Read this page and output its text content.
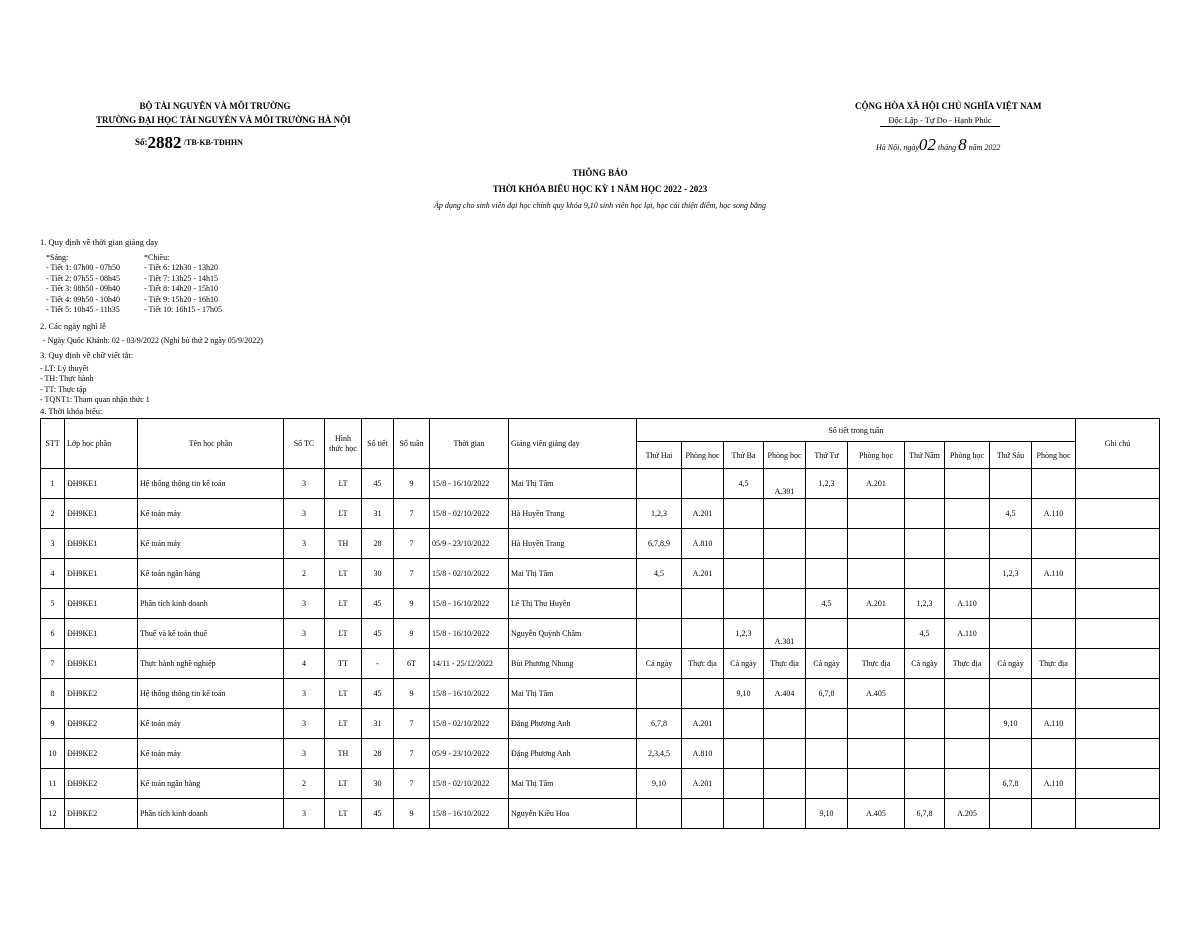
BỘ TÀI NGUYÊN VÀ MÔI TRƯỜNG
TRƯỜNG ĐẠI HỌC TÀI NGUYÊN VÀ MÔI TRƯỜNG HÀ NỘI
Số:2882 /TB-KB-TĐHHN
CỘNG HÒA XÃ HỘI CHỦ NGHĨA VIỆT NAM
Độc Lập - Tự Do - Hạnh Phúc
Hà Nội, ngày02 tháng 8 năm 2022
THÔNG BÁO
THỜI KHÓA BIỂU HỌC KỲ 1 NĂM HỌC 2022 - 2023
Áp dụng cho sinh viên đại học chính quy khóa 9,10 sinh viên học lại, học cải thiện điểm, học song bằng
1. Quy định về thời gian giảng dạy
*Sáng:
- Tiết 1: 07h00 - 07h50
- Tiết 2: 07h55 - 08h45
- Tiết 3: 08h50 - 09h40
- Tiết 4: 09h50 - 10h40
- Tiết 5: 10h45 - 11h35
*Chiều:
- Tiết 6: 12h30 - 13h20
- Tiết 7: 13h25 - 14h15
- Tiết 8: 14h20 - 15h10
- Tiết 9: 15h20 - 16h10
- Tiết 10: 16h15 - 17h05
2. Các ngày nghỉ lễ
- Ngày Quốc Khánh: 02 - 03/9/2022 (Nghỉ bù thứ 2 ngày 05/9/2022)
3. Quy định về chữ viết tắt:
- LT: Lý thuyết
- TH: Thực hành
- TT: Thực tập
- TQNT1: Tham quan nhận thức 1
4. Thời khóa biểu:
STT	Lớp học phần	Tên học phần	Số TC	Hình thức học	Số tiết	Số tuần	Thời gian	Giảng viên giảng dạy	Số tiết trong tuần										Ghi chú
									Thứ Hai	Phòng học	Thứ Ba	Phòng học	Thứ Tư	Phòng học	Thứ Năm	Phòng học	Thứ Sáu	Phòng học	
1	ĐH9KE1	Hệ thống thông tin kế toán	3	LT	45	9	15/8 - 16/10/2022	Mai Thị Tâm			4,5	A.301	1,2,3	A.201					
2	ĐH9KE1	Kế toán máy	3	LT	31	7	15/8 - 02/10/2022	Hà Huyền Trang	1,2,3	A.201							4,5	A.110	
3	ĐH9KE1	Kế toán máy	3	TH	28	7	05/9 - 23/10/2022	Hà Huyền Trang	6,7,8,9	A.810									
4	ĐH9KE1	Kế toán ngân hàng	2	LT	30	7	15/8 - 02/10/2022	Mai Thị Tâm	4,5	A.201							1,2,3	A.110	
5	ĐH9KE1	Phân tích kinh doanh	3	LT	45	9	15/8 - 16/10/2022	Lê Thị Thu Huyền					4,5	A.201	1,2,3	A.110			
6	ĐH9KE1	Thuế và kế toán thuế	3	LT	45	9	15/8 - 16/10/2022	Nguyễn Quỳnh Châm			1,2,3	A.301			4,5	A.110			
7	ĐH9KE1	Thực hành nghề nghiệp	4	TT	-	6T	14/11 - 25/12/2022	Bùi Phương Nhung	Cả ngày	Thực địa	Cả ngày	Thực địa	Cả ngày	Thực địa	Cả ngày	Thực địa	Cả ngày	Thực địa	
8	ĐH9KE2	Hệ thống thông tin kế toán	3	LT	45	9	15/8 - 16/10/2022	Mai Thị Tâm			9,10	A.404	6,7,8	A.405					
9	ĐH9KE2	Kế toán máy	3	LT	31	7	15/8 - 02/10/2022	Đặng Phương Anh	6,7,8	A.201							9,10	A.110	
10	ĐH9KE2	Kế toán máy	3	TH	28	7	05/9 - 23/10/2022	Đặng Phương Anh	2,3,4,5	A.810									
11	ĐH9KE2	Kế toán ngân hàng	2	LT	30	7	15/8 - 02/10/2022	Mai Thị Tâm	9,10	A.201							6,7,8	A.110	
12	ĐH9KE2	Phân tích kinh doanh	3	LT	45	9	15/8 - 16/10/2022	Nguyễn Kiều Hoa					9,10	A.405	6,7,8	A.205			
